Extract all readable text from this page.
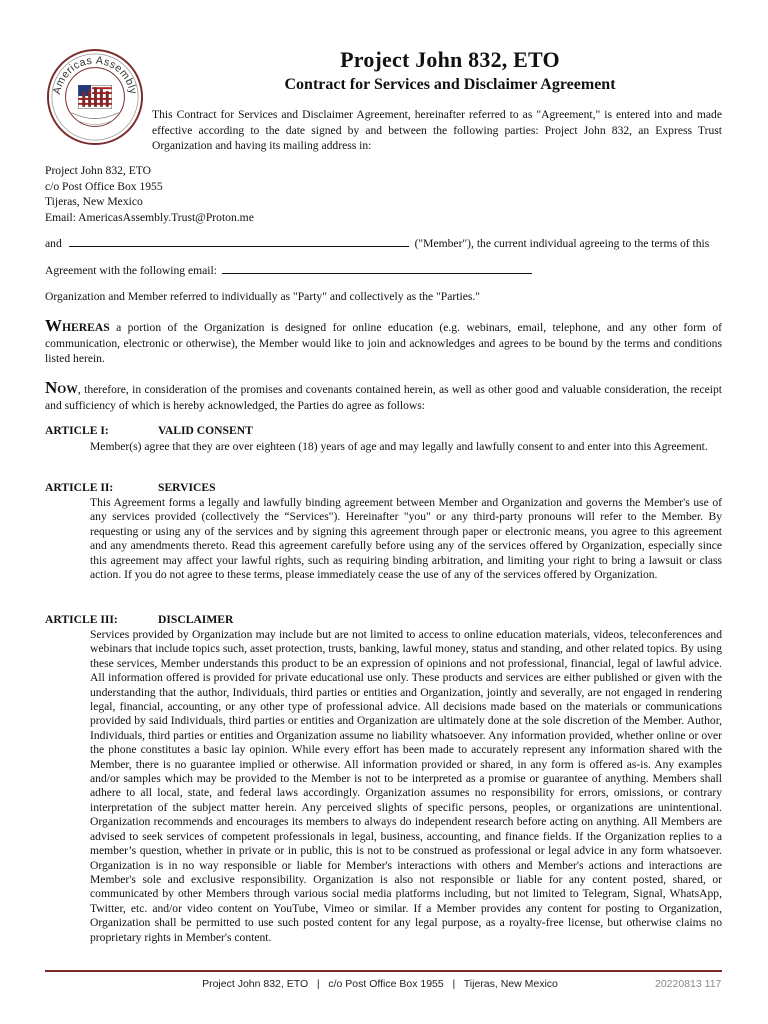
Americas Assembly
Project John 832, ETO
Contract for Services and Disclaimer Agreement
This Contract for Services and Disclaimer Agreement, hereinafter referred to as "Agreement," is entered into and made effective according to the date signed by and between the following parties: Project John 832, an Express Trust Organization and having its mailing address in:
Project John 832, ETO
c/o Post Office Box 1955
Tijeras, New Mexico
Email: AmericasAssembly.Trust@Proton.me
and	("Member"), the current individual agreeing to the terms of this
Agreement with the following email:
Organization and Member referred to individually as "Party" and collectively as the "Parties."
WHEREAS a portion of the Organization is designed for online education (e.g. webinars, email, telephone, and any other form of communication, electronic or otherwise), the Member would like to join and acknowledges and agrees to be bound by the terms and conditions listed herein.
NOW, therefore, in consideration of the promises and covenants contained herein, as well as other good and valuable consideration, the receipt and sufficiency of which is hereby acknowledged, the Parties do agree as follows:
ARTICLE I:	VALID CONSENT
Member(s) agree that they are over eighteen (18) years of age and may legally and lawfully consent to and enter into this Agreement.
ARTICLE II:	SERVICES
This Agreement forms a legally and lawfully binding agreement between Member and Organization and governs the Member's use of any services provided (collectively the “Services"). Hereinafter "you" or any third-party pronouns will refer to the Member. By requesting or using any of the services and by signing this agreement through paper or electronic means, you agree to this agreement and any amendments thereto. Read this agreement carefully before using any of the services offered by Organization, especially since this agreement may affect your lawful rights, such as requiring binding arbitration, and limiting your right to bring a lawsuit or class action. If you do not agree to these terms, please immediately cease the use of any of the services offered by Organization.
ARTICLE III:	DISCLAIMER
Services provided by Organization may include but are not limited to access to online education materials, videos, teleconferences and webinars that include topics such, asset protection, trusts, banking, lawful money, status and standing, and other related topics. By using these services, Member understands this product to be an expression of opinions and not professional, financial, legal of lawful advice. All information offered is provided for private educational use only. These products and services are either published or given with the understanding that the author, Individuals, third parties or entities and Organization, jointly and severally, are not engaged in rendering legal, financial, accounting, or any other type of professional advice. All decisions made based on the materials or communications provided by said Individuals, third parties or entities and Organization are ultimately done at the sole discretion of the Member. Author, Individuals, third parties or entities and Organization assume no liability whatsoever. Any information provided, whether online or over the phone constitutes a basic lay opinion. While every effort has been made to accurately represent any information shared with the Member, there is no guarantee implied or otherwise. All information provided or shared, in any form is offered as-is. Any examples and/or samples which may be provided to the Member is not to be interpreted as a promise or guarantee of anything. Members shall adhere to all local, state, and federal laws accordingly. Organization assumes no responsibility for errors, omissions, or contrary interpretation of the subject matter herein. Any perceived slights of specific persons, peoples, or organizations are unintentional. Organization recommends and encourages its members to always do independent research before acting on anything. All Members are advised to seek services of competent professionals in legal, business, accounting, and finance fields. If the Organization replies to a member’s question, whether in private or in public, this is not to be construed as professional or legal advice in any form whatsoever. Organization is in no way responsible or liable for Member's interactions with others and Member's actions and interactions are Member's sole and exclusive responsibility. Organization is also not responsible or liable for any content posted, shared, or communicated by other Members through various social media platforms including, but not limited to Telegram, Signal, WhatsApp, Twitter, etc. and/or video content on YouTube, Vimeo or similar. If a Member provides any content for posting to Organization, Organization shall be permitted to use such posted content for any legal purpose, as a royalty-free license, but otherwise claims no proprietary rights in Member's content.
Project John 832, ETO   |   c/o Post Office Box 1955   |   Tijeras, New Mexico	20220813 117
